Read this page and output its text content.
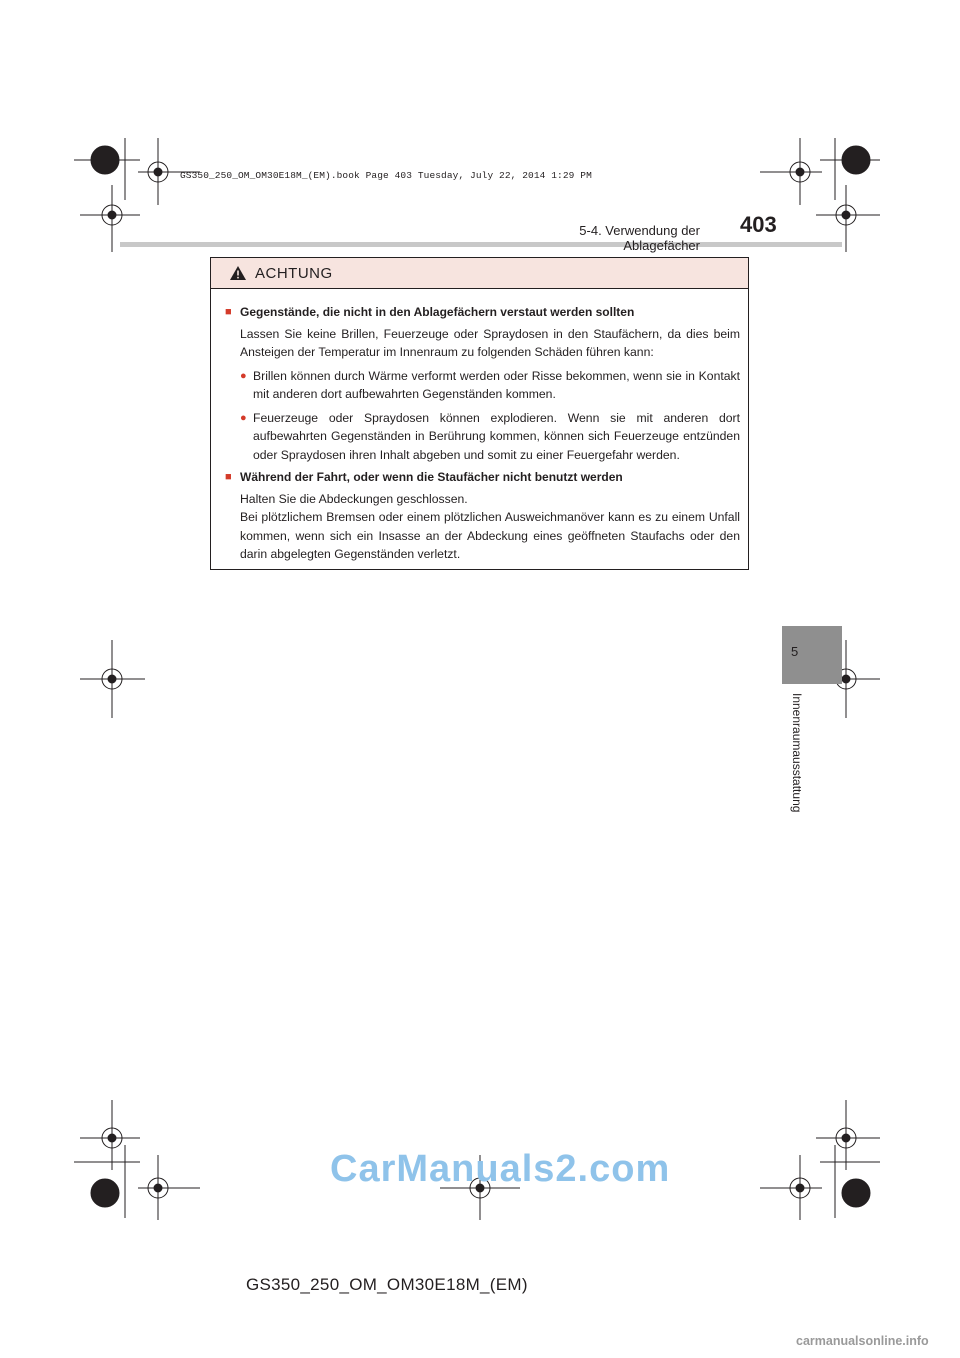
GS350_250_OM_OM30E18M_(EM).book Page 403 Tuesday, July 22, 2014 1:29 PM
5-4. Verwendung der Ablagefächer
403
ACHTUNG
■ Gegenstände, die nicht in den Ablagefächern verstaut werden sollten
Lassen Sie keine Brillen, Feuerzeuge oder Spraydosen in den Staufächern, da dies beim Ansteigen der Temperatur im Innenraum zu folgenden Schäden führen kann:
● Brillen können durch Wärme verformt werden oder Risse bekommen, wenn sie in Kontakt mit anderen dort aufbewahrten Gegenständen kommen.
● Feuerzeuge oder Spraydosen können explodieren. Wenn sie mit anderen dort aufbewahrten Gegenständen in Berührung kommen, können sich Feuerzeuge entzünden oder Spraydosen ihren Inhalt abgeben und somit zu einer Feuergefahr werden.
■ Während der Fahrt, oder wenn die Staufächer nicht benutzt werden
Halten Sie die Abdeckungen geschlossen.
Bei plötzlichem Bremsen oder einem plötzlichen Ausweichmanöver kann es zu einem Unfall kommen, wenn sich ein Insasse an der Abdeckung eines geöffneten Staufachs oder den darin abgelegten Gegenständen verletzt.
5
Innenraumausstattung
CarManuals2.com
GS350_250_OM_OM30E18M_(EM)
carmanualsonline.info
